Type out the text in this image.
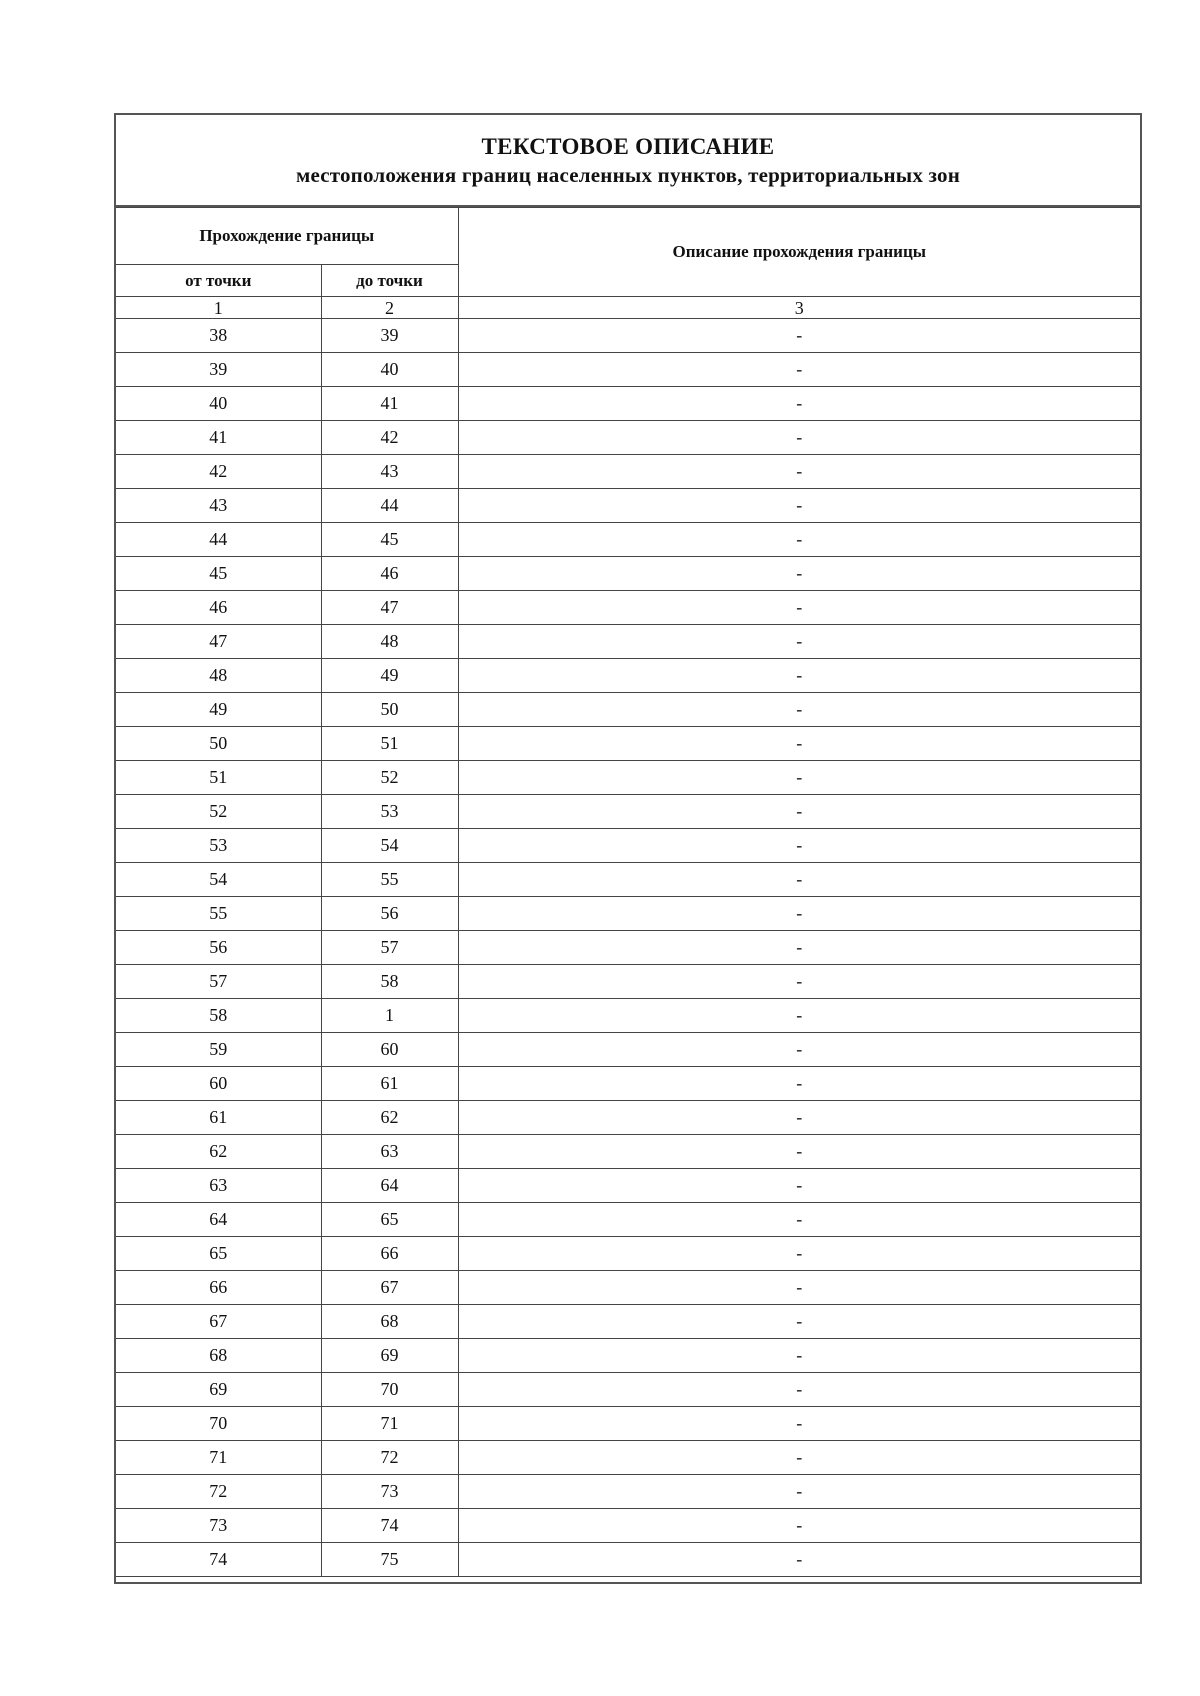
ТЕКСТОВОЕ ОПИСАНИЕ
местоположения границ населенных пунктов, территориальных зон
Прохождение границы		Описание прохождения границы
от точки	до точки	
1	2	3
38	39	-
39	40	-
40	41	-
41	42	-
42	43	-
43	44	-
44	45	-
45	46	-
46	47	-
47	48	-
48	49	-
49	50	-
50	51	-
51	52	-
52	53	-
53	54	-
54	55	-
55	56	-
56	57	-
57	58	-
58	1	-
59	60	-
60	61	-
61	62	-
62	63	-
63	64	-
64	65	-
65	66	-
66	67	-
67	68	-
68	69	-
69	70	-
70	71	-
71	72	-
72	73	-
73	74	-
74	75	-
